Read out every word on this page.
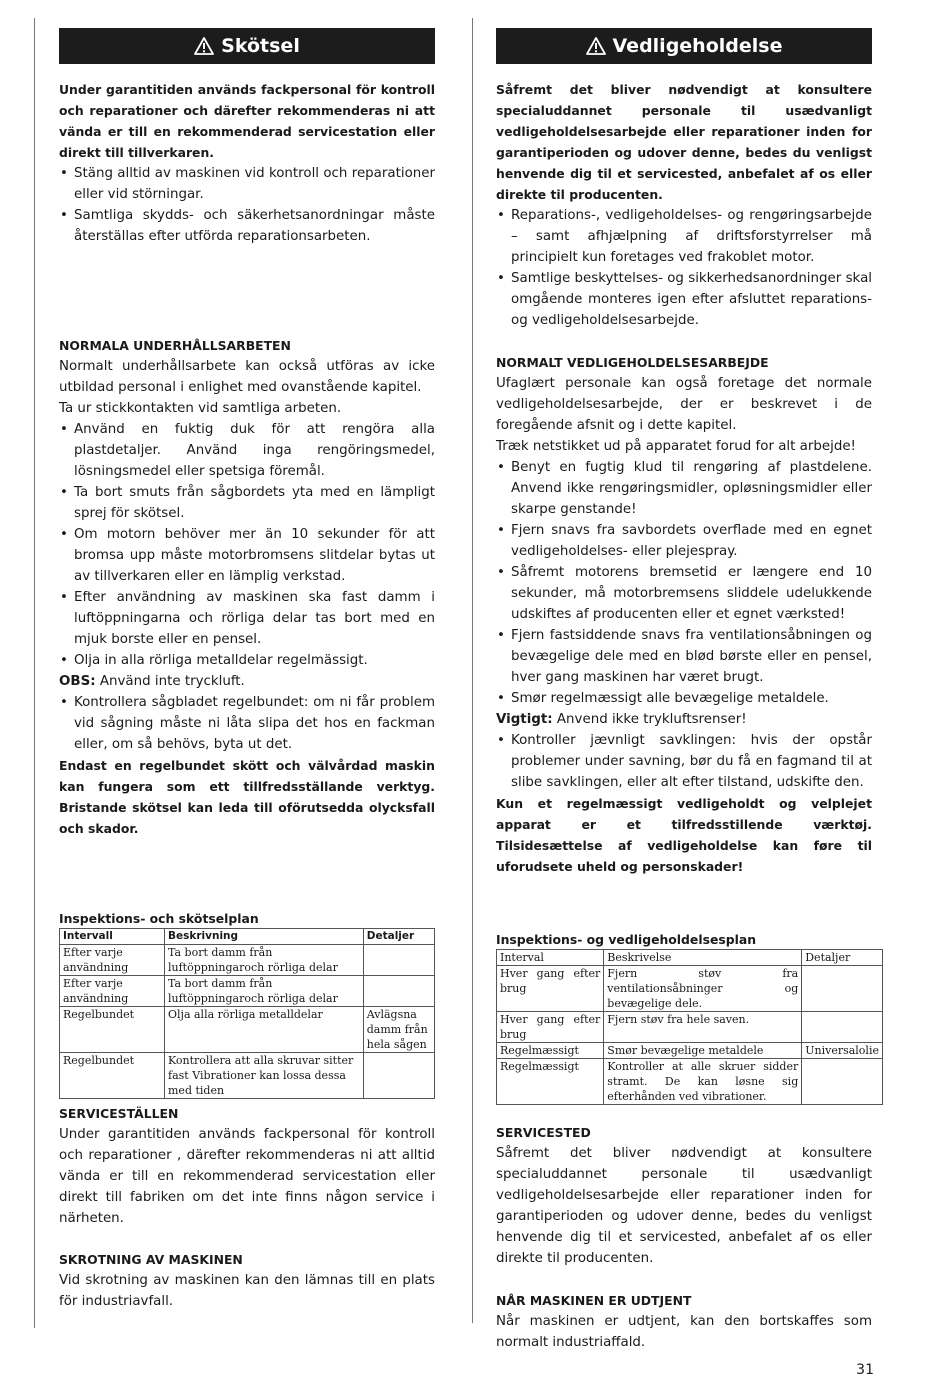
Skötsel

Under garantitiden används fackpersonal för kontroll och reparationer och därefter rekommenderas ni att vända er till en rekommenderad servicestation eller direkt till tillverkaren.

• Stäng alltid av maskinen vid kontroll och reparationer eller vid störningar.
• Samtliga skydds- och säkerhetsanordningar måste återställas efter utförda reparationsarbeten.

NORMALA UNDERHÅLLSARBETEN

Normalt underhållsarbete kan också utföras av icke utbildad personal i enlighet med ovanstående kapitel.

Ta ur stickkontakten vid samtliga arbeten.

• Använd en fuktig duk för att rengöra alla plastdetaljer. Använd inga rengöringsmedel, lösningsmedel eller spetsiga föremål.
• Ta bort smuts från sågbordets yta med en lämpligt sprej för skötsel.
• Om motorn behöver mer än 10 sekunder för att bromsa upp måste motorbromsens slitdelar bytas ut av tillverkaren eller en lämplig verkstad.
• Efter användning av maskinen ska fast damm i luftöppningarna och rörliga delar tas bort med en mjuk borste eller en pensel.
• Olja in alla rörliga metalldelar regelmässigt.

OBS: Använd inte tryckluft.

• Kontrollera sågbladet regelbundet: om ni får problem vid sågning måste ni låta slipa det hos en fackman eller, om så behövs, byta ut det.

Endast en regelbundet skött och välvårdad maskin kan fungera som ett tillfredsställande verktyg. Bristande skötsel kan leda till oförutsedda olycksfall och skador.

Inspektions- och skötselplan

Intervall	Beskrivning	Detaljer
Efter varje användning	Ta bort damm från luftöppningaroch rörliga delar	
Efter varje användning	Ta bort damm från luftöppningaroch rörliga delar	
Regelbundet	Olja alla rörliga metalldelar	Avlägsna damm från hela sågen
Regelbundet	Kontrollera att alla skruvar sitter fast Vibrationer kan lossa dessa med tiden	

SERVICESTÄLLEN

Under garantitiden används fackpersonal för kontroll och reparationer , därefter rekommenderas ni att alltid vända er till en rekommenderad servicestation eller direkt till fabriken om det inte finns någon service i närheten.

SKROTNING AV MASKINEN

Vid skrotning av maskinen kan den lämnas till en plats för industriavfall.

Vedligeholdelse

Såfremt det bliver nødvendigt at konsultere specialuddannet personale til usædvanligt vedligeholdelsesarbejde eller reparationer inden for garantiperioden og udover denne, bedes du venligst henvende dig til et servicested, anbefalet af os eller direkte til producenten.

• Reparations-, vedligeholdelses- og rengøringsarbejde – samt afhjælpning af driftsforstyrrelser må principielt kun foretages ved frakoblet motor.
• Samtlige beskyttelses- og sikkerhedsanordninger skal omgående monteres igen efter afsluttet reparations- og vedligeholdelsesarbejde.

NORMALT VEDLIGEHOLDELSESARBEJDE

Ufaglært personale kan også foretage det normale vedligeholdelsesarbejde, der er beskrevet i de foregående afsnit og i dette kapitel.

Træk netstikket ud på apparatet forud for alt arbejde!

• Benyt en fugtig klud til rengøring af plastdelene. Anvend ikke rengøringsmidler, opløsningsmidler eller skarpe genstande!
• Fjern snavs fra savbordets overflade med en egnet vedligeholdelses- eller plejespray.
• Såfremt motorens bremsetid er længere end 10 sekunder, må motorbremsens sliddele udelukkende udskiftes af producenten eller et egnet værksted!
• Fjern fastsiddende snavs fra ventilationsåbningen og bevægelige dele med en blød børste eller en pensel, hver gang maskinen har været brugt.
• Smør regelmæssigt alle bevægelige metaldele.

Vigtigt: Anvend ikke trykluftsrenser!

• Kontroller jævnligt savklingen: hvis der opstår problemer under savning, bør du få en fagmand til at slibe savklingen, eller alt efter tilstand, udskifte den.

Kun et regelmæssigt vedligeholdt og velplejet apparat er et tilfredsstillende værktøj. Tilsidesættelse af vedligeholdelse kan føre til uforudsete uheld og personskader!

Inspektions- og vedligeholdelsesplan

Interval	Beskrivelse	Detaljer
Hver gang efter brug	Fjern støv fra ventilationsåbninger og bevægelige dele.	
Hver gang efter brug	Fjern støv fra hele saven.	
Regelmæssigt	Smør bevægelige metaldele	Universalolie
Regelmæssigt	Kontroller at alle skruer sidder stramt. De kan løsne sig efterhånden ved vibrationer.	

SERVICESTED

Såfremt det bliver nødvendigt at konsultere specialuddannet personale til usædvanligt vedligeholdelsesarbejde eller reparationer inden for garantiperioden og udover denne, bedes du venligst henvende dig til et servicested, anbefalet af os eller direkte til producenten.

NÅR MASKINEN ER UDTJENT

Når maskinen er udtjent, kan den bortskaffes som normalt industriaffald.

31
